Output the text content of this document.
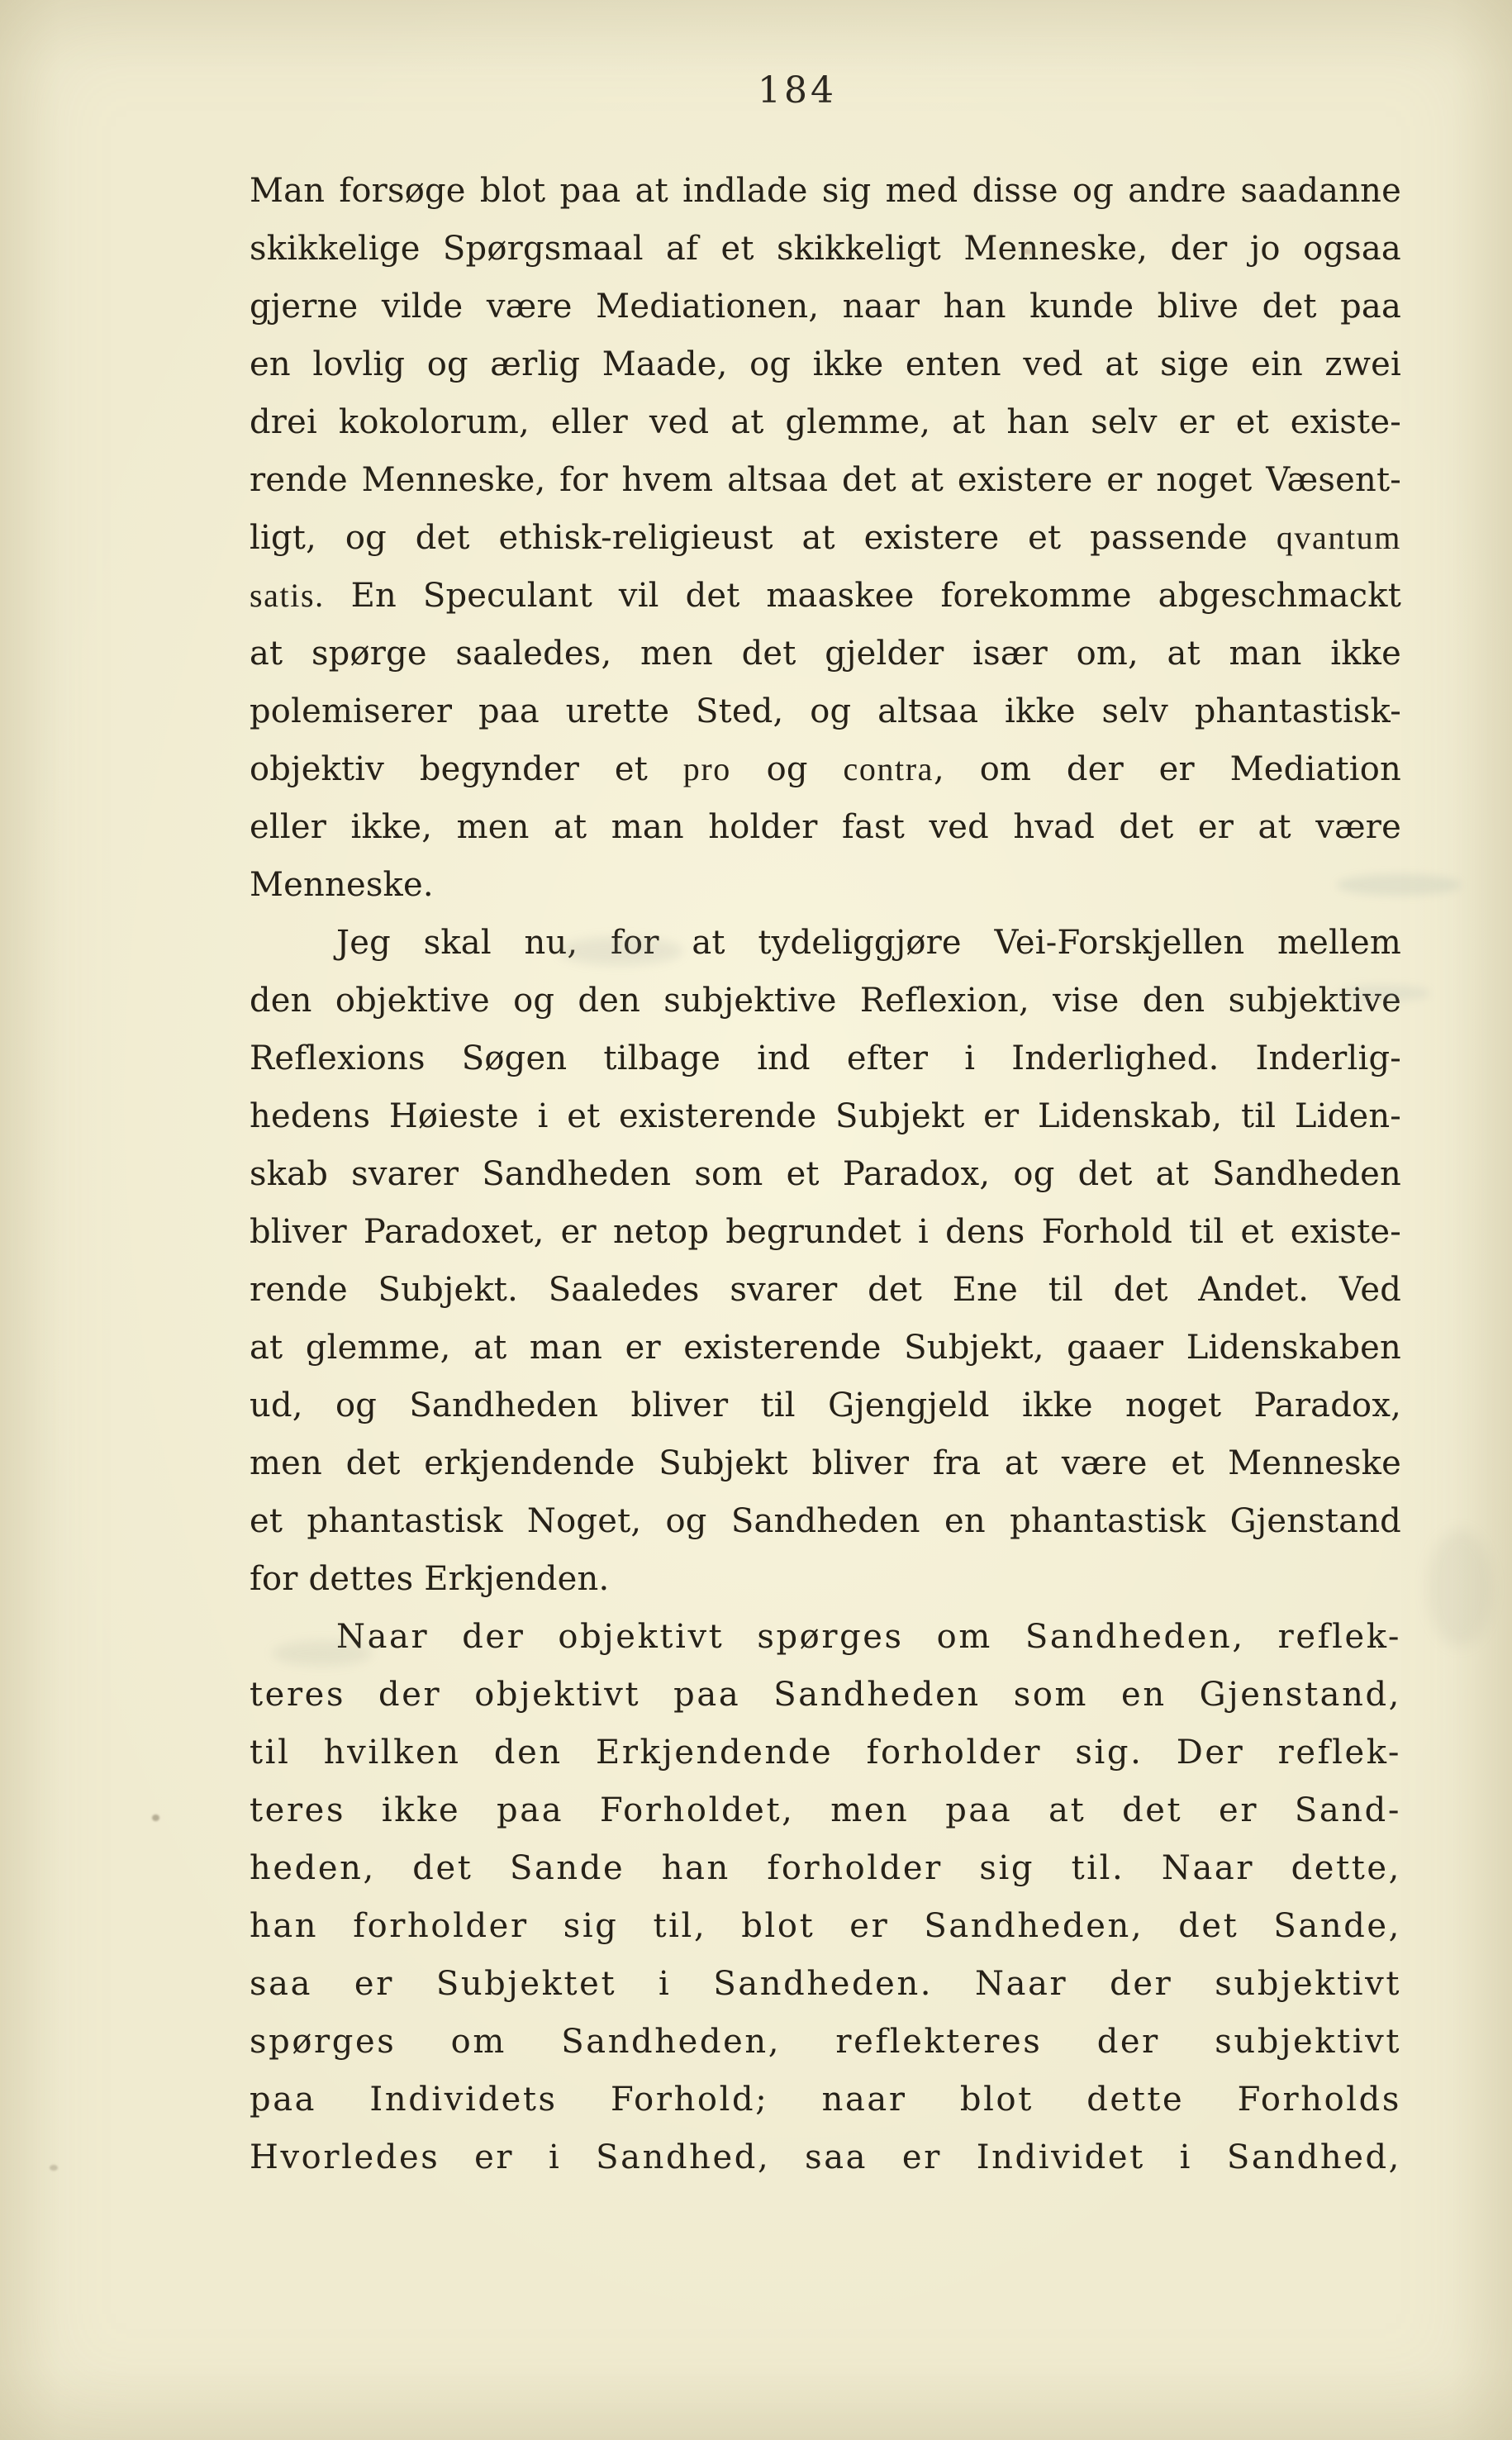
184
Man forsøge blot paa at indlade sig med disse og andre saadanne
skikkelige Spørgsmaal af et skikkeligt Menneske, der jo ogsaa
gjerne vilde være Mediationen, naar han kunde blive det paa
en lovlig og ærlig Maade, og ikke enten ved at sige ein zwei
drei kokolorum, eller ved at glemme, at han selv er et existe-
rende Menneske, for hvem altsaa det at existere er noget Væsent-
ligt, og det ethisk-religieust at existere et passende qvantum
satis. En Speculant vil det maaskee forekomme abgeschmackt
at spørge saaledes, men det gjelder især om, at man ikke
polemiserer paa urette Sted, og altsaa ikke selv phantastisk-
objektiv begynder et pro og contra, om der er Mediation
eller ikke, men at man holder fast ved hvad det er at være
Menneske.
Jeg skal nu, for at tydeliggjøre Vei-Forskjellen mellem
den objektive og den subjektive Reflexion, vise den subjektive
Reflexions Søgen tilbage ind efter i Inderlighed. Inderlig-
hedens Høieste i et existerende Subjekt er Lidenskab, til Liden-
skab svarer Sandheden som et Paradox, og det at Sandheden
bliver Paradoxet, er netop begrundet i dens Forhold til et existe-
rende Subjekt. Saaledes svarer det Ene til det Andet. Ved
at glemme, at man er existerende Subjekt, gaaer Lidenskaben
ud, og Sandheden bliver til Gjengjeld ikke noget Paradox,
men det erkjendende Subjekt bliver fra at være et Menneske
et phantastisk Noget, og Sandheden en phantastisk Gjenstand
for dettes Erkjenden.
Naar der objektivt spørges om Sandheden, reflek-
teres der objektivt paa Sandheden som en Gjenstand,
til hvilken den Erkjendende forholder sig. Der reflek-
teres ikke paa Forholdet, men paa at det er Sand-
heden, det Sande han forholder sig til. Naar dette,
han forholder sig til, blot er Sandheden, det Sande,
saa er Subjektet i Sandheden. Naar der subjektivt
spørges om Sandheden, reflekteres der subjektivt
paa Individets Forhold; naar blot dette Forholds
Hvorledes er i Sandhed, saa er Individet i Sandhed,
